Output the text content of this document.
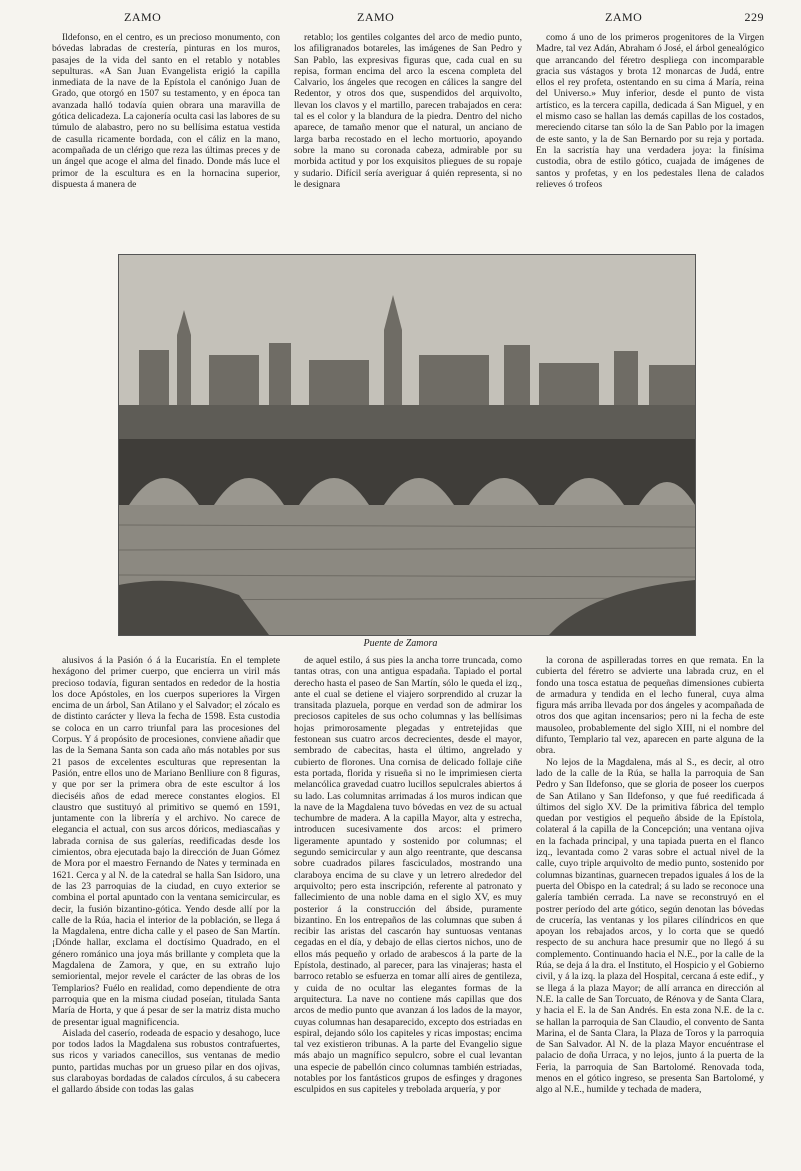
ZAMO	ZAMO	ZAMO	229

Ildefonso, en el centro, es un precioso monumento, con bóvedas labradas de crestería, pinturas en los muros, pasajes de la vida del santo en el retablo y notables sepulturas. «A San Juan Evangelista erigió la capilla inmediata de la nave de la Epístola el canónigo Juan de Grado, que otorgó en 1507 su testamento, y en época tan avanzada halló todavía quien obrara una maravilla de gótica delicadeza. La cajonería oculta casi las labores de su túmulo de alabastro, pero no su bellísima estatua vestida de casulla ricamente bordada, con el cáliz en la mano, acompañada de un clérigo que reza las últimas preces y de un ángel que acoge el alma del finado. Donde más luce el primor de la escultura es en la hornacina superior, dispuesta á manera de

retablo; los gentiles colgantes del arco de medio punto, los afiligranados botareles, las imágenes de San Pedro y San Pablo, las expresivas figuras que, cada cual en su repisa, forman encima del arco la escena completa del Calvario, los ángeles que recogen en cálices la sangre del Redentor, y otros dos que, suspendidos del arquivolto, llevan los clavos y el martillo, parecen trabajados en cera: tal es el color y la blandura de la piedra. Dentro del nicho aparece, de tamaño menor que el natural, un anciano de larga barba recostado en el lecho mortuorio, apoyando sobre la mano su coronada cabeza, admirable por su morbida actitud y por los exquisitos pliegues de su ropaje y sudario. Difícil sería averiguar á quién representa, si no le designara

como á uno de los primeros progenitores de la Virgen Madre, tal vez Adán, Abraham ó José, el árbol genealógico que arrancando del féretro despliega con incomparable gracia sus vástagos y brota 12 monarcas de Judá, entre ellos el rey profeta, ostentando en su cima á María, reina del Universo.» Muy inferior, desde el punto de vista artístico, es la tercera capilla, dedicada á San Miguel, y en el mismo caso se hallan las demás capillas de los costados, mereciendo citarse tan sólo la de San Pablo por la imagen de este santo, y la de San Bernardo por su reja y portada. En la sacristía hay una verdadera joya: la finísima custodia, obra de estilo gótico, cuajada de imágenes de santos y profetas, y en los pedestales llena de calados relieves ó trofeos

Puente de Zamora

alusivos á la Pasión ó á la Eucaristía. En el templete hexágono del primer cuerpo, que encierra un viril más precioso todavía, figuran sentados en rededor de la hostia los doce Apóstoles, en los cuerpos superiores la Virgen encima de un árbol, San Atilano y el Salvador; el zócalo es de distinto carácter y lleva la fecha de 1598. Esta custodia se coloca en un carro triunfal para las procesiones del Corpus. Y á propósito de procesiones, conviene añadir que las de la Semana Santa son cada año más notables por sus 21 pasos de excelentes esculturas que representan la Pasión, entre ellos uno de Mariano Benlliure con 8 figuras, y que por ser la primera obra de este escultor á los dieciséis años de edad merece constantes elogios. El claustro que sustituyó al primitivo se quemó en 1591, juntamente con la librería y el archivo. No carece de elegancia el actual, con sus arcos dóricos, mediascañas y labrada cornisa de sus galerías, reedificadas desde los cimientos, obra ejecutada bajo la dirección de Juan Gómez de Mora por el maestro Fernando de Nates y terminada en 1621. Cerca y al N. de la catedral se halla San Isidoro, una de las 23 parroquias de la ciudad, en cuyo exterior se combina el portal apuntado con la ventana semicircular, es decir, la fusión bizantino-gótica. Yendo desde allí por la calle de la Rúa, hacia el interior de la población, se llega á la Magdalena, entre dicha calle y el paseo de San Martín. ¡Dónde hallar, exclama el doctísimo Quadrado, en el género románico una joya más brillante y completa que la Magdalena de Zamora, y que, en su extraño lujo semioriental, mejor revele el carácter de las obras de los Templarios? Fuélo en realidad, como dependiente de otra parroquia que en la misma ciudad poseían, titulada Santa María de Horta, y que á pesar de ser la matriz dista mucho de presentar igual magnificencia.

Aislada del caserío, rodeada de espacio y desahogo, luce por todos lados la Magdalena sus robustos contrafuertes, sus ricos y variados canecillos, sus ventanas de medio punto, partidas muchas por un grueso pilar en dos ojivas, sus claraboyas bordadas de calados círculos, á su cabecera el gallardo ábside con todas las galas

de aquel estilo, á sus pies la ancha torre truncada, como tantas otras, con una antigua espadaña. Tapiado el portal derecho hasta el paseo de San Martín, sólo le queda el izq., ante el cual se detiene el viajero sorprendido al cruzar la transitada plazuela, porque en verdad son de admirar los preciosos capiteles de sus ocho columnas y las bellísimas hojas primorosamente plegadas y entretejidas que festonean sus cuatro arcos decrecientes, desde el mayor, sembrado de cabecitas, hasta el último, angrelado y cubierto de florones. Una cornisa de delicado follaje ciñe esta portada, florida y risueña si no le imprimiesen cierta melancólica gravedad cuatro lucillos sepulcrales abiertos á su lado. Las columnitas arrimadas á los muros indican que la nave de la Magdalena tuvo bóvedas en vez de su actual techumbre de madera. A la capilla Mayor, alta y estrecha, introducen sucesivamente dos arcos: el primero ligeramente apuntado y sostenido por columnas; el segundo semicircular y aun algo reentrante, que descansa sobre cuadrados pilares fasciculados, mostrando una claraboya encima de su clave y un letrero alrededor del arquivolto; pero esta inscripción, referente al patronato y fallecimiento de una noble dama en el siglo XV, es muy posterior á la construcción del ábside, puramente bizantino. En los entrepaños de las columnas que suben á recibir las aristas del cascarón hay suntuosas ventanas cegadas en el día, y debajo de ellas ciertos nichos, uno de ellos más pequeño y orlado de arabescos á la parte de la Epístola, destinado, al parecer, para las vinajeras; hasta el barroco retablo se esfuerza en tomar allí aires de gentileza, y cuida de no ocultar las elegantes formas de la arquitectura. La nave no contiene más capillas que dos arcos de medio punto que avanzan á los lados de la mayor, cuyas columnas han desaparecido, excepto dos estriadas en espiral, dejando sólo los capiteles y ricas impostas; encima tal vez existieron tribunas. A la parte del Evangelio sigue más abajo un magnífico sepulcro, sobre el cual levantan una especie de pabellón cinco columnas también estriadas, notables por los fantásticos grupos de esfinges y dragones esculpidos en sus capiteles y trebolada arquería, y por

la corona de aspilleradas torres en que remata. En la cubierta del féretro se advierte una labrada cruz, en el fondo una tosca estatua de pequeñas dimensiones cubierta de armadura y tendida en el lecho funeral, cuya alma figura más arriba llevada por dos ángeles y acompañada de otros dos que agitan incensarios; pero ni la fecha de este mausoleo, probablemente del siglo XIII, ni el nombre del difunto, Templario tal vez, aparecen en parte alguna de la obra.

No lejos de la Magdalena, más al S., es decir, al otro lado de la calle de la Rúa, se halla la parroquia de San Pedro y San Ildefonso, que se gloria de poseer los cuerpos de San Atilano y San Ildefonso, y que fué reedificada á últimos del siglo XV. De la primitiva fábrica del templo quedan por vestigios el pequeño ábside de la Epístola, colateral á la capilla de la Concepción; una ventana ojiva en la fachada principal, y una tapiada puerta en el flanco izq., levantada como 2 varas sobre el actual nivel de la calle, cuyo triple arquivolto de medio punto, sostenido por columnas bizantinas, guarnecen trepados iguales á los de la puerta del Obispo en la catedral; á su lado se reconoce una galería también cerrada. La nave se reconstruyó en el postrer período del arte gótico, según denotan las bóvedas de crucería, las ventanas y los pilares cilíndricos en que apoyan los rebajados arcos, y lo corta que se quedó respecto de su anchura hace presumir que no llegó á su complemento. Continuando hacia el N.E., por la calle de la Rúa, se deja á la dra. el Instituto, el Hospicio y el Gobierno civil, y á la izq. la plaza del Hospital, cercana á este edif., y se llega á la plaza Mayor; de allí arranca en dirección al N.E. la calle de San Torcuato, de Rénova y de Santa Clara, y hacia el E. la de San Andrés. En esta zona N.E. de la c. se hallan la parroquia de San Claudio, el convento de Santa Marina, el de Santa Clara, la Plaza de Toros y la parroquia de San Salvador. Al N. de la plaza Mayor encuéntrase el palacio de doña Urraca, y no lejos, junto á la puerta de la Feria, la parroquia de San Bartolomé. Renovada toda, menos en el gótico ingreso, se presenta San Bartolomé, y algo al N.E., humilde y techada de madera,
